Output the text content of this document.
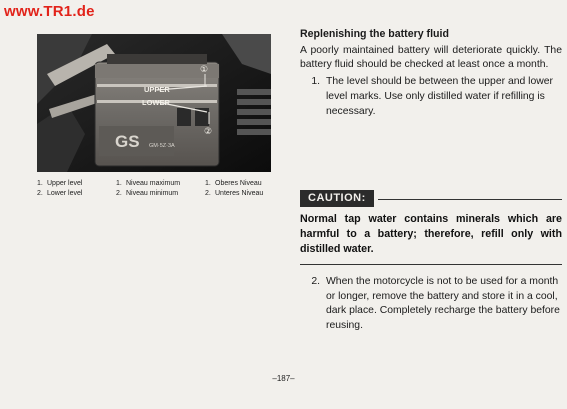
www.TR1.de
UPPER
LOWER
①
②
GS GM·5Z·3A
1. Upper level
2. Lower level
1. Niveau maximum
2. Niveau minimum
1. Oberes Niveau
2. Unteres Niveau
Replenishing the battery fluid
A poorly maintained battery will deteriorate quickly. The battery fluid should be checked at least once a month.
1. The level should be between the upper and lower level marks. Use only distilled water if refilling is necessary.
CAUTION:
Normal tap water contains minerals which are harmful to a battery; therefore, refill only with distilled water.
2. When the motorcycle is not to be used for a month or longer, remove the battery and store it in a cool, dark place. Completely recharge the battery before reusing.
–187–
